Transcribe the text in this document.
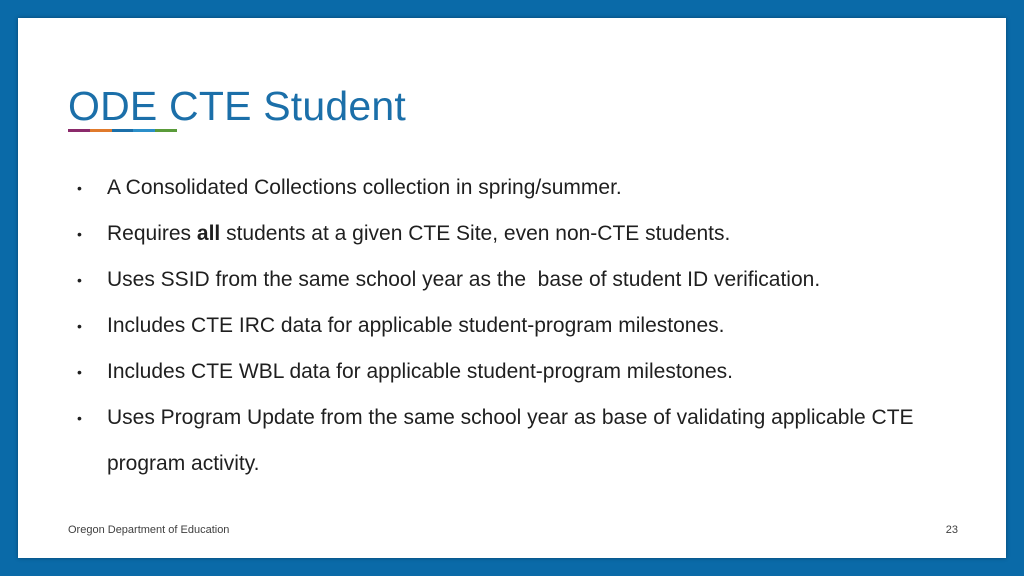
ODE CTE Student
• A Consolidated Collections collection in spring/summer.
• Requires all students at a given CTE Site, even non-CTE students.
• Uses SSID from the same school year as the  base of student ID verification.
• Includes CTE IRC data for applicable student-program milestones.
• Includes CTE WBL data for applicable student-program milestones.
• Uses Program Update from the same school year as base of validating applicable CTE program activity.
Oregon Department of Education	23
